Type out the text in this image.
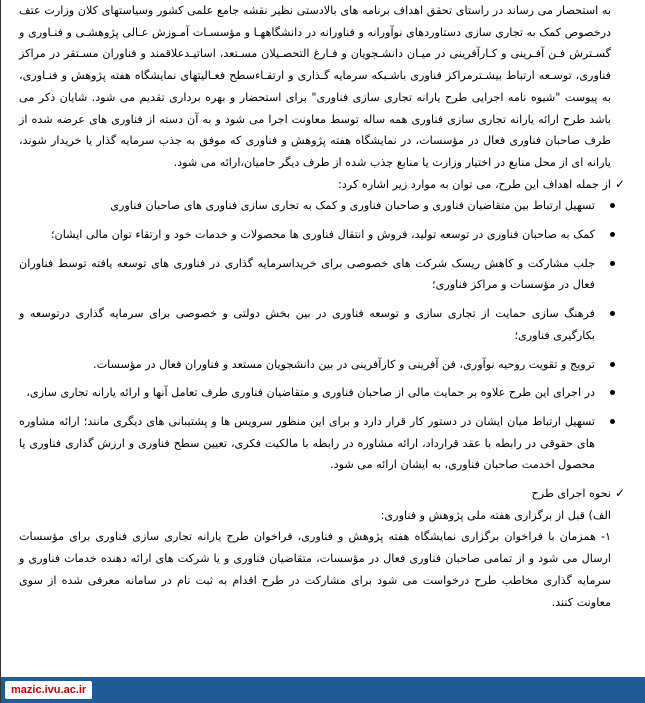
به استحصار می رساند در راستای تحقق اهداف برنامه های بالادستی نظیر نقشه جامع علمی کشور وسیاستهای کلان وزارت عتف درخصوص کمک به تجاری سازی دستاوردهای نوآورانه و فناورانه در دانشگاههـا و مؤسسـات آمـوزش عـالی پژوهشـی و فنـاوری و گسـترش فـن آفـرینی و کـارآفرینی در میـان دانشـجویان و فـارغ التحصـیلان مسـتعد، اساتیـدعلاقمند و فناوران مسـتقر در مراکز فناوری، توسـعه ارتباط بیشـترمراکز فناوری باشـبکه سرمایه گـذاری و ارتقـاءسطح فعـالیتهای نمایشگاه هفته پژوهش و فنـاوری، به پیوست "شیوه نامه اجرایی طرح یارانه تجاری سازی فناوری" برای استحضار و بهره برداری تقدیم می شود. شایان ذکر می باشد طرح ارائه یارانه تجاری سازی فناوری همه ساله توسط معاونت اجرا می شود و به آن دسته از فناوری های عرضه شده از طرف صاحبان فناوری فعال در مؤسسات، در نمایشگاه هفته پژوهش و فناوری که موفق به جذب سرمایه گذار یا خریدار شوند، یارانه ای از محل منابع در اختیار وزارت یا منابع جذب شده از طرف دیگر حامیان،ارائه می شود.

✓
از جمله اهداف این طرح، می توان به موارد زیر اشاره کرد:

تسهیل ارتباط بین متقاضیان فناوری و صاحبان فناوری و کمک به تجاری سازی فناوری های صاحبان فناوری
کمک به صاحبان فناوری در توسعه تولید، فروش و انتقال فناوری ها محصولات و خدمات خود و ارتقاء توان مالی ایشان؛
جلب مشارکت و کاهش ریسک شرکت های خصوصی برای خریداسرمایه گذاری در فناوری های توسعه یافته توسط فناوران فعال در مؤسسات و مراکز فناوری؛
فرهنگ سازی حمایت از تجاری سازی و توسعه فناوری در بین بخش دولتی و خصوصی برای سرمایه گذاری درتوسعه و بکارگیری فناوری؛
ترویج و تقویت روحیه نوآوری، فن آفرینی و کارآفرینی در بین دانشجویان مستعد و فناوران فعال در مؤسسات.
در اجرای این طرح علاوه بر حمایت مالی از صاحبان فناوری و متقاضیان فناوری طرف تعامل آنها و ارائه یارانه تجاری سازی،
تسهیل ارتباط میان ایشان در دستور کار قرار دارد و برای این منظور سرویس ها و پشتیبانی های دیگری مانند؛ ارائه مشاوره های حقوقی در رابطه با عقد قرارداد، ارائه مشاوره در رابطه با مالکیت فکری، تعیین سطح فناوری و ارزش گذاری فناوری یا محصول اخدمت صاحبان فناوری، به ایشان ارائه می شود.

✓
نحوه اجرای طرح

الف) قبل از برگزاری هفته ملی پژوهش و فناوری:

۱- همزمان با فراخوان برگزاری نمایشگاه هفته پژوهش و فناوری، فراخوان طرح یارانه تجاری سازی فناوری برای مؤسسات ارسال می شود و از تمامی صاحبان فناوری فعال در مؤسسات، متقاضیان فناوری و یا شرکت های ارائه دهنده خدمات فناوری و سرمایه گذاری مخاطب طرح درخواست می شود برای مشارکت در طرح اقدام به ثبت نام در سامانه معرفی شده از سوی معاونت کنند.

mazic.ivu.ac.ir
